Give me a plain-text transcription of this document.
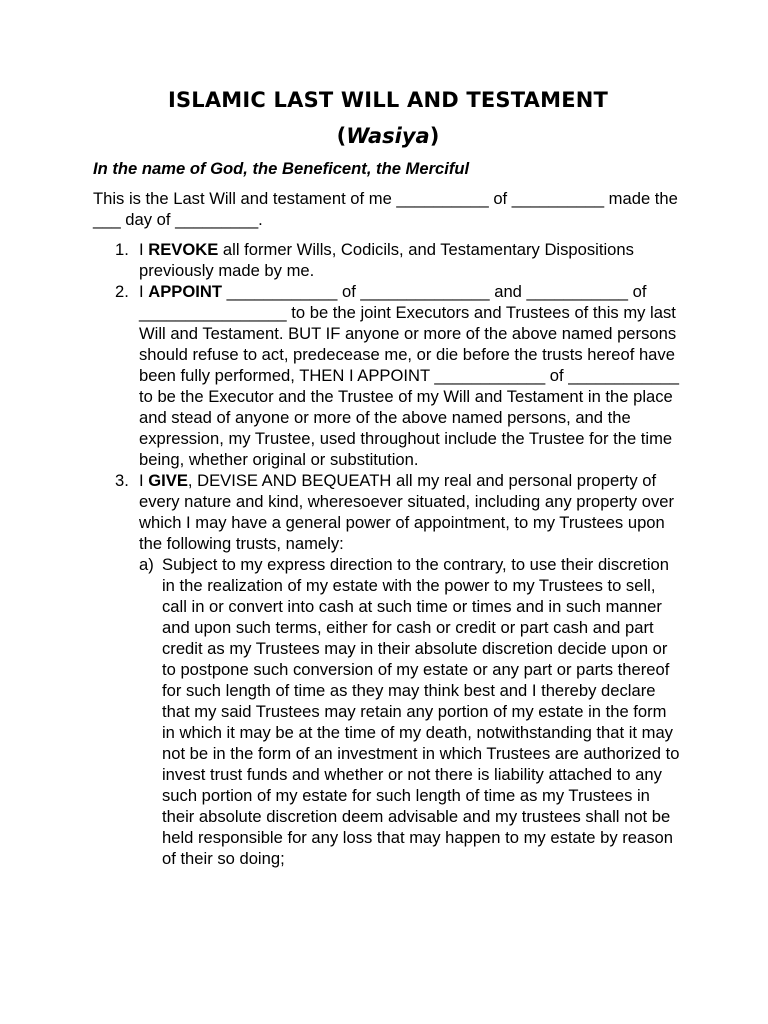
ISLAMIC LAST WILL AND TESTAMENT

(Wasiya)

In the name of God, the Beneficent, the Merciful

This is the Last Will and testament of me __________ of __________ made the ___ day of _________.

1. I REVOKE all former Wills, Codicils, and Testamentary Dispositions previously made by me.
2. I APPOINT ____________ of ______________ and ___________ of ________________ to be the joint Executors and Trustees of this my last Will and Testament. BUT IF anyone or more of the above named persons should refuse to act, predecease me, or die before the trusts hereof have been fully performed, THEN I APPOINT ____________ of ____________ to be the Executor and the Trustee of my Will and Testament in the place and stead of anyone or more of the above named persons, and the expression, my Trustee, used throughout include the Trustee for the time being, whether original or substitution.
3. I GIVE, DEVISE AND BEQUEATH all my real and personal property of every nature and kind, wheresoever situated, including any property over which I may have a general power of appointment, to my Trustees upon the following trusts, namely:
a) Subject to my express direction to the contrary, to use their discretion in the realization of my estate with the power to my Trustees to sell, call in or convert into cash at such time or times and in such manner and upon such terms, either for cash or credit or part cash and part credit as my Trustees may in their absolute discretion decide upon or to postpone such conversion of my estate or any part or parts thereof for such length of time as they may think best and I thereby declare that my said Trustees may retain any portion of my estate in the form in which it may be at the time of my death, notwithstanding that it may not be in the form of an investment in which Trustees are authorized to invest trust funds and whether or not there is liability attached to any such portion of my estate for such length of time as my Trustees in their absolute discretion deem advisable and my trustees shall not be held responsible for any loss that may happen to my estate by reason of their so doing;
